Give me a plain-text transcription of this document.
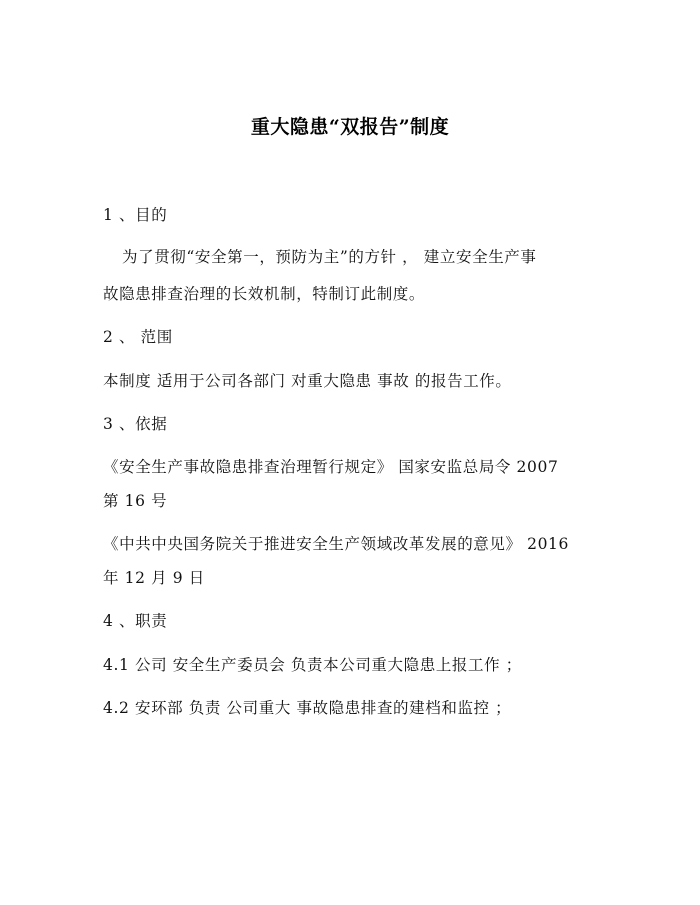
重大隐患“双报告”制度
1 、目的
为了贯彻“安全第一，预防为主”的方针 ， 建立安全生产事
故隐患排查治理的长效机制，特制订此制度。
2 、 范围
本制度 适用于公司各部门 对重大隐患 事故 的报告工作。
3 、依据
《安全生产事故隐患排查治理暂行规定》 国家安监总局令 2007
第 16 号
《中共中央国务院关于推进安全生产领域改革发展的意见》 2016
年 12 月 9 日
4 、职责
4.1 公司 安全生产委员会 负责本公司重大隐患上报工作 ；
4.2 安环部 负责 公司重大 事故隐患排查的建档和监控 ；
